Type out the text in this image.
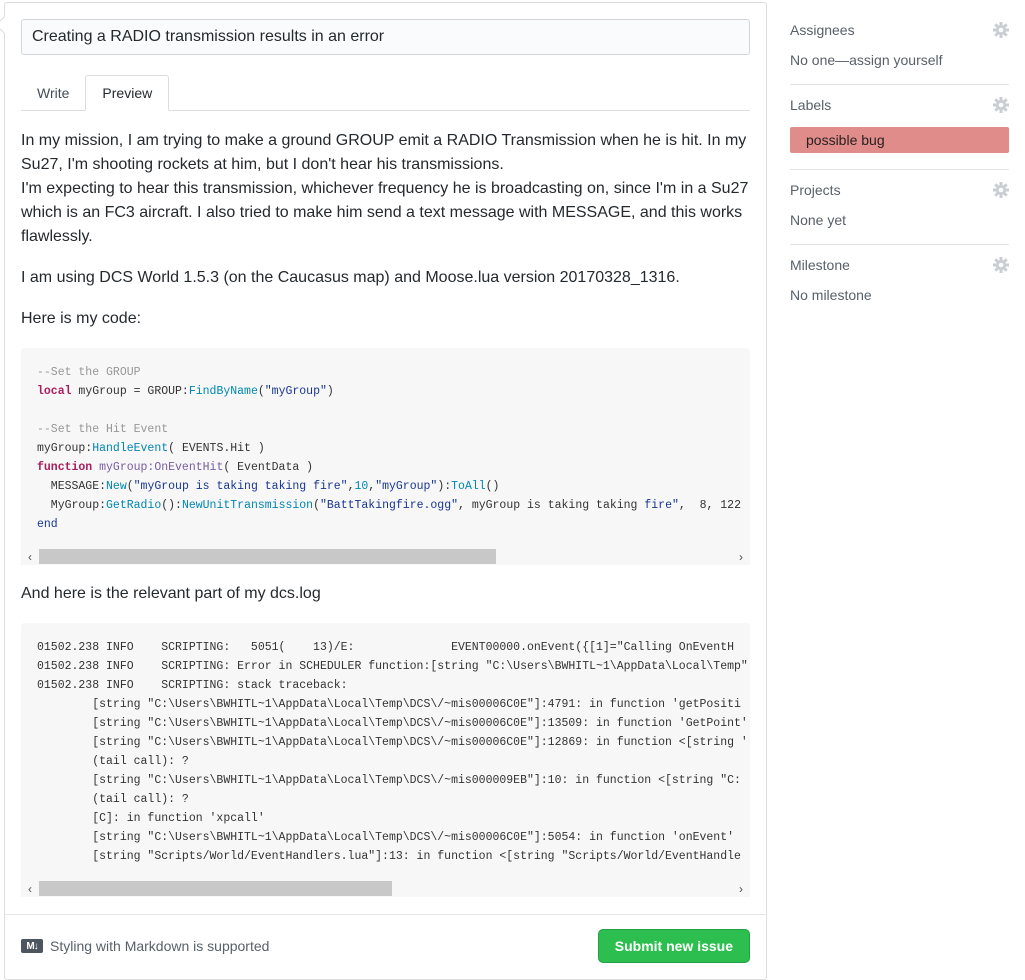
Creating a RADIO transmission results in an error
Write Preview

In my mission, I am trying to make a ground GROUP emit a RADIO Transmission when he is hit. In my Su27, I'm shooting rockets at him, but I don't hear his transmissions.
I'm expecting to hear this transmission, whichever frequency he is broadcasting on, since I'm in a Su27 which is an FC3 aircraft. I also tried to make him send a text message with MESSAGE, and this works flawlessly.

I am using DCS World 1.5.3 (on the Caucasus map) and Moose.lua version 20170328_1316.

Here is my code:

--Set the GROUP
local myGroup = GROUP:FindByName("myGroup")

--Set the Hit Event
myGroup:HandleEvent( EVENTS.Hit )
function myGroup:OnEventHit( EventData )
MESSAGE:New("myGroup is taking taking fire",10,"myGroup"):ToAll()
MyGroup:GetRadio():NewUnitTransmission("BattTakingfire.ogg", myGroup is taking taking fire",  8, 122
end
‹	›

And here is the relevant part of my dcs.log

01502.238 INFO    SCRIPTING:   5051(    13)/E:              EVENT00000.onEvent({[1]="Calling OnEventH
01502.238 INFO    SCRIPTING: Error in SCHEDULER function:[string "C:\Users\BWHITL~1\AppData\Local\Temp"
01502.238 INFO    SCRIPTING: stack traceback:
[string "C:\Users\BWHITL~1\AppData\Local\Temp\DCS\/~mis00006C0E"]:4791: in function 'getPositi
[string "C:\Users\BWHITL~1\AppData\Local\Temp\DCS\/~mis00006C0E"]:13509: in function 'GetPoint'
[string "C:\Users\BWHITL~1\AppData\Local\Temp\DCS\/~mis00006C0E"]:12869: in function <[string '
(tail call): ?
[string "C:\Users\BWHITL~1\AppData\Local\Temp\DCS\/~mis000009EB"]:10: in function <[string "C:
(tail call): ?
[C]: in function 'xpcall'
[string "C:\Users\BWHITL~1\AppData\Local\Temp\DCS\/~mis00006C0E"]:5054: in function 'onEvent'
[string "Scripts/World/EventHandlers.lua"]:13: in function <[string "Scripts/World/EventHandle
‹	›
M↓ Styling with Markdown is supported	Submit new issue
Assignees
No one—assign yourself
Labels
possible bug
Projects
None yet
Milestone
No milestone
